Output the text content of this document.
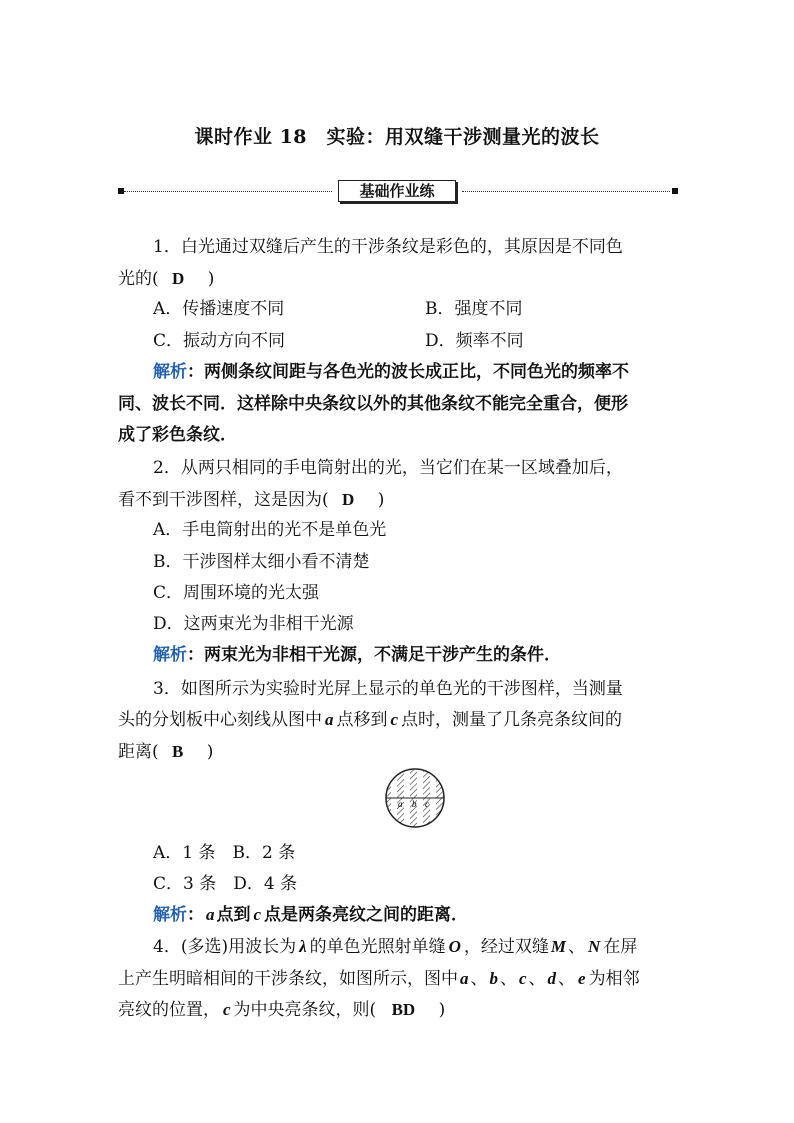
课时作业 18　实验：用双缝干涉测量光的波长
基础作业练
1．白光通过双缝后产生的干涉条纹是彩色的，其原因是不同色
光的( D )
A．传播速度不同	B．强度不同
C．振动方向不同	D．频率不同
解析：两侧条纹间距与各色光的波长成正比，不同色光的频率不
同、波长不同．这样除中央条纹以外的其他条纹不能完全重合，便形
成了彩色条纹．
2．从两只相同的手电筒射出的光，当它们在某一区域叠加后，
看不到干涉图样，这是因为( D )
A．手电筒射出的光不是单色光
B．干涉图样太细小看不清楚
C．周围环境的光太强
D．这两束光为非相干光源
解析：两束光为非相干光源，不满足干涉产生的条件．
3．如图所示为实验时光屏上显示的单色光的干涉图样，当测量
头的分划板中心刻线从图中 a 点移到 c 点时，测量了几条亮条纹间的
距离( B )
a b c
A．1 条　B．2 条
C．3 条　D．4 条
解析： a 点到 c 点是两条亮纹之间的距离．
4．(多选)用波长为 λ 的单色光照射单缝 O ，经过双缝 M 、 N 在屏
上产生明暗相间的干涉条纹，如图所示，图中 a 、 b 、 c 、 d 、 e 为相邻
亮纹的位置， c 为中央亮条纹，则( BD )
